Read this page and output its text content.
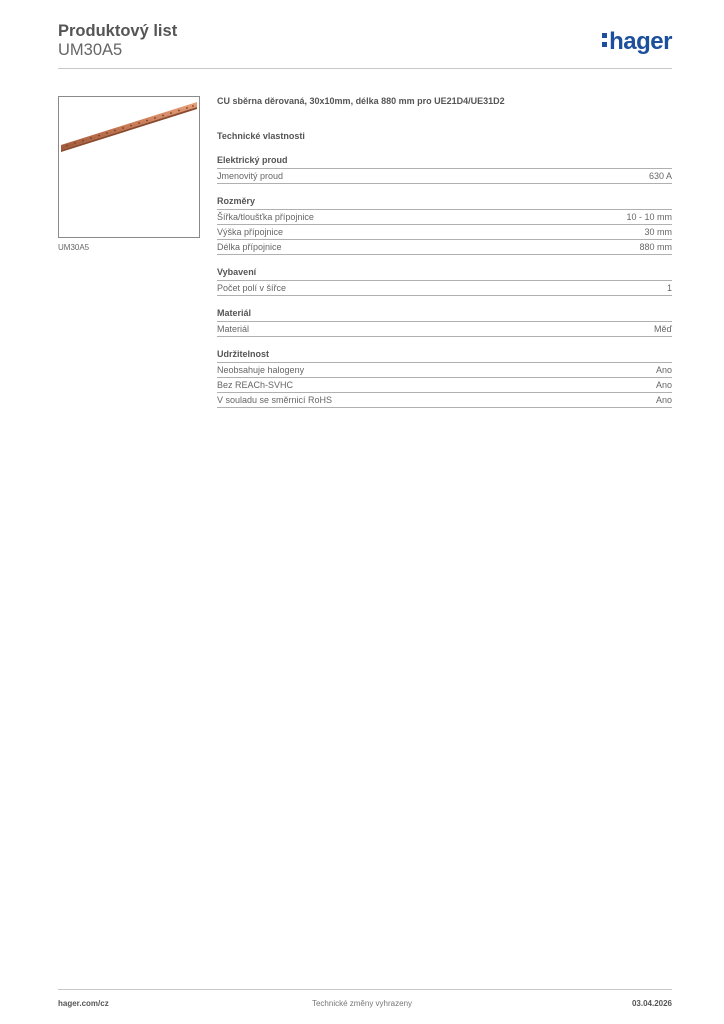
Produktový list
UM30A5	hager
UM30A5
CU sběrna děrovaná, 30x10mm, délka 880 mm pro UE21D4/UE31D2
Technické vlastnosti
Elektrický proud
Jmenovitý proud	630 A
Rozměry
Šířka/tloušťka přípojnice	10 - 10 mm
Výška přípojnice	30 mm
Délka přípojnice	880 mm
Vybavení
Počet polí v šířce	1
Materiál
Materiál	Měď
Udržitelnost
Neobsahuje halogeny	Ano
Bez REACh-SVHC	Ano
V souladu se směrnicí RoHS	Ano
hager.com/cz	Technické změny vyhrazeny	03.04.2026
